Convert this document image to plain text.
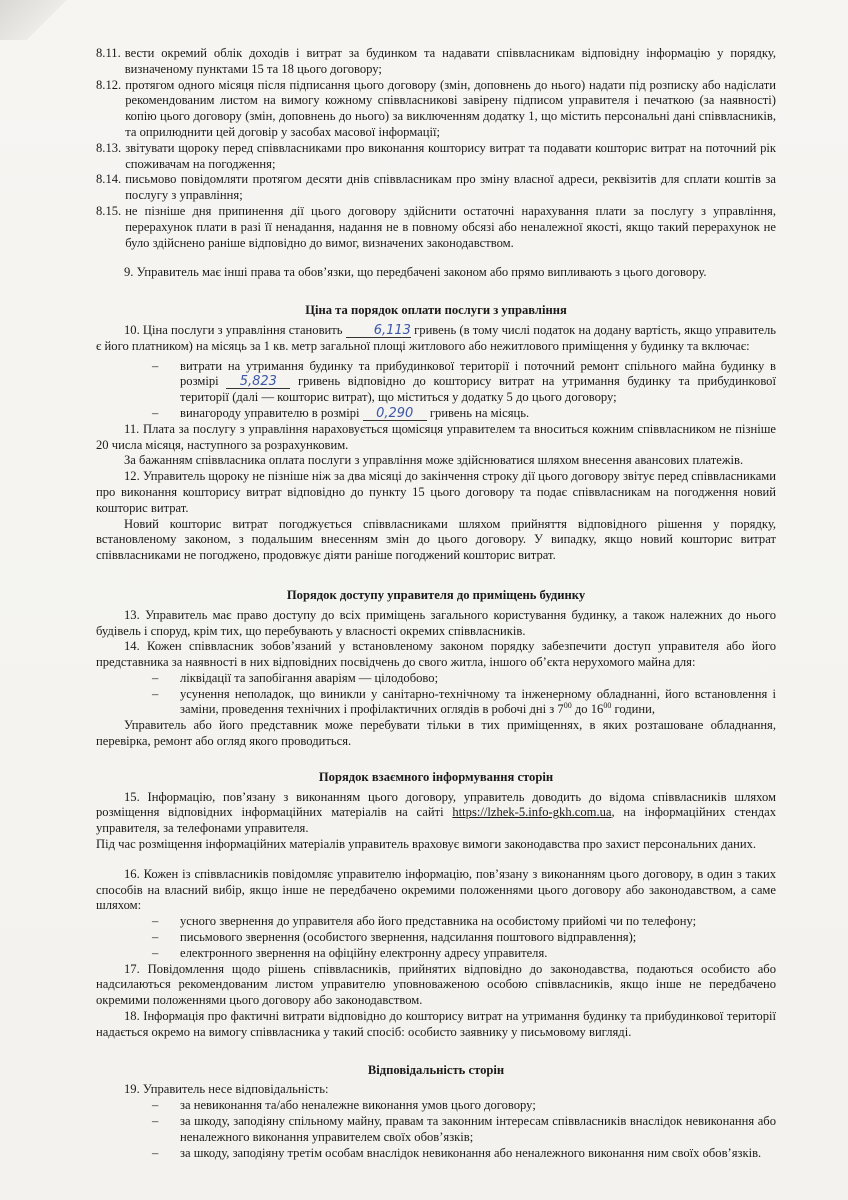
8.11. вести окремий облік доходів і витрат за будинком та надавати співвласникам відповідну інформацію у порядку, визначеному пунктами 15 та 18 цього договору;
8.12. протягом одного місяця після підписання цього договору (змін, доповнень до нього) надати під розписку або надіслати рекомендованим листом на вимогу кожному співвласникові завірену підписом управителя і печаткою (за наявності) копію цього договору (змін, доповнень до нього) за виключенням додатку 1, що містить персональні дані співвласників, та оприлюднити цей договір у засобах масової інформації;
8.13. звітувати щороку перед співвласниками про виконання кошторису витрат та подавати кошторис витрат на поточний рік споживачам на погодження;
8.14. письмово повідомляти протягом десяти днів співвласникам про зміну власної адреси, реквізитів для сплати коштів за послугу з управління;
8.15. не пізніше дня припинення дії цього договору здійснити остаточні нарахування плати за послугу з управління, перерахунок плати в разі її ненадання, надання не в повному обсязі або неналежної якості, якщо такий перерахунок не було здійснено раніше відповідно до вимог, визначених законодавством.

9. Управитель має інші права та обов’язки, що передбачені законом або прямо випливають з цього договору.

Ціна та порядок оплати послуги з управління

10. Ціна послуги з управління становить 6,113 гривень (в тому числі податок на додану вартість, якщо управитель є його платником) на місяць за 1 кв. метр загальної площі житлового або нежитлового приміщення у будинку та включає:

–	витрати на утримання будинку та прибудинкової території і поточний ремонт спільного майна будинку в розмірі 5,823 гривень відповідно до кошторису витрат на утримання будинку та прибудинкової території (далі — кошторис витрат), що міститься у додатку 5 до цього договору;
–	винагороду управителю в розмірі 0,290 гривень на місяць.

11. Плата за послугу з управління нараховується щомісяця управителем та вноситься кожним співвласником не пізніше 20 числа місяця, наступного за розрахунковим.

За бажанням співвласника оплата послуги з управління може здійснюватися шляхом внесення авансових платежів.

12. Управитель щороку не пізніше ніж за два місяці до закінчення строку дії цього договору звітує перед співвласниками про виконання кошторису витрат відповідно до пункту 15 цього договору та подає співвласникам на погодження новий кошторис витрат.

Новий кошторис витрат погоджується співвласниками шляхом прийняття відповідного рішення у порядку, встановленому законом, з подальшим внесенням змін до цього договору. У випадку, якщо новий кошторис витрат співвласниками не погоджено, продовжує діяти раніше погоджений кошторис витрат.

Порядок доступу управителя до приміщень будинку

13. Управитель має право доступу до всіх приміщень загального користування будинку, а також належних до нього будівель і споруд, крім тих, що перебувають у власності окремих співвласників.

14. Кожен співвласник зобов’язаний у встановленому законом порядку забезпечити доступ управителя або його представника за наявності в них відповідних посвідчень до свого житла, іншого об’єкта нерухомого майна для:

–	ліквідації та запобігання аваріям — цілодобово;
–	усунення неполадок, що виникли у санітарно-технічному та інженерному обладнанні, його встановлення і заміни, проведення технічних і профілактичних оглядів в робочі дні з $7^{00}$ до $16^{00}$ години,

Управитель або його представник може перебувати тільки в тих приміщеннях, в яких розташоване обладнання, перевірка, ремонт або огляд якого проводиться.

Порядок взаємного інформування сторін

15. Інформацію, пов’язану з виконанням цього договору, управитель доводить до відома співвласників шляхом розміщення відповідних інформаційних матеріалів на сайті https://lzhek-5.info-gkh.com.ua, на інформаційних стендах управителя, за телефонами управителя.

Під час розміщення інформаційних матеріалів управитель враховує вимоги законодавства про захист персональних даних.

16. Кожен із співвласників повідомляє управителю інформацію, пов’язану з виконанням цього договору, в один з таких способів на власний вибір, якщо інше не передбачено окремими положеннями цього договору або законодавством, а саме шляхом:

–	усного звернення до управителя або його представника на особистому прийомі чи по телефону;
–	письмового звернення (особистого звернення, надсилання поштового відправлення);
–	електронного звернення на офіційну електронну адресу управителя.

17. Повідомлення щодо рішень співвласників, прийнятих відповідно до законодавства, подаються особисто або надсилаються рекомендованим листом управителю уповноваженою особою співвласників, якщо інше не передбачено окремими положеннями цього договору або законодавством.

18. Інформація про фактичні витрати відповідно до кошторису витрат на утримання будинку та прибудинкової території надається окремо на вимогу співвласника у такий спосіб: особисто заявнику у письмовому вигляді.

Відповідальність сторін

19. Управитель несе відповідальність:

–	за невиконання та/або неналежне виконання умов цього договору;
–	за шкоду, заподіяну спільному майну, правам та законним інтересам співвласників внаслідок невиконання або неналежного виконання управителем своїх обов’язків;
–	за шкоду, заподіяну третім особам внаслідок невиконання або неналежного виконання ним своїх обов’язків.
